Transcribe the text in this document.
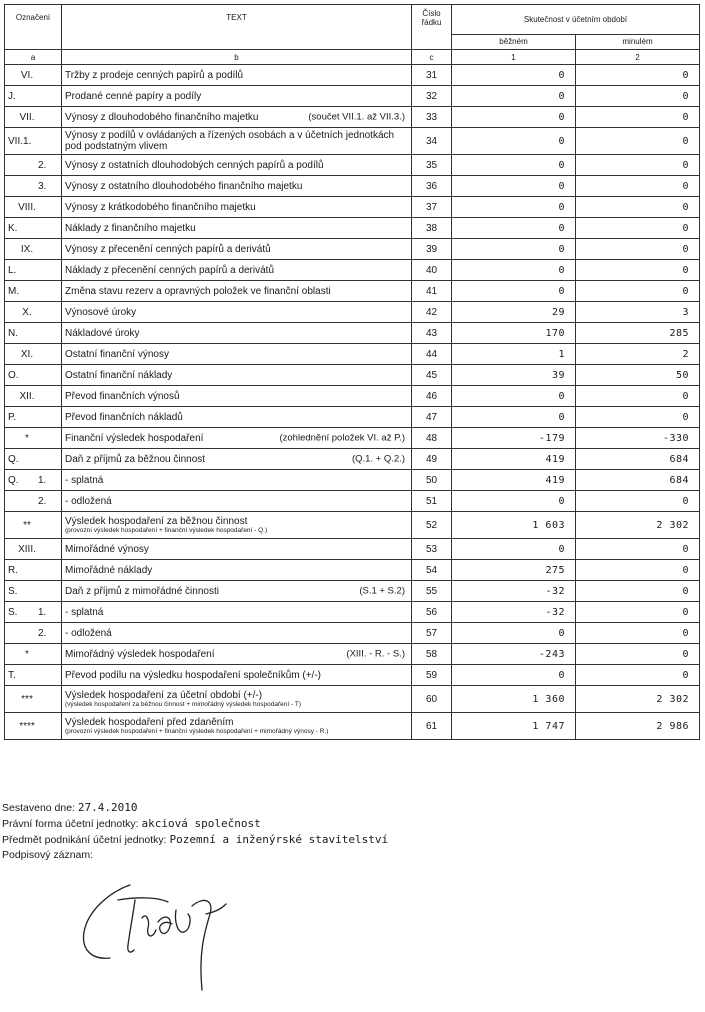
Označení	TEXT	Číslo řádku	Skutečnost v účetním období	
			běžném	minulém
a	b	c	1	2

VI.	Tržby z prodeje cenných papírů a podílů	31	0	0
J.	Prodané cenné papíry a podíly	32	0	0

VII.	Výnosy z dlouhodobého finančního majetku (součet VII.1. až VII.3.)	33	0	0
VII.1.	Výnosy z podílů v ovládaných a řízených osobách a v účetních jednotkách pod podstatným vlivem	34	0	0
2.	Výnosy z ostatních dlouhodobých cenných papírů a podílů	35	0	0
3.	Výnosy z ostatního dlouhodobého finančního majetku	36	0	0

VIII.	Výnosy z krátkodobého finančního majetku	37	0	0
K.	Náklady z finančního majetku	38	0	0

IX.	Výnosy z přecenění cenných papírů a derivátů	39	0	0
L.	Náklady z přecenění cenných papírů a derivátů	40	0	0
M.	Změna stavu rezerv a opravných položek ve finanční oblasti	41	0	0

X.	Výnosové úroky	42	29	3
N.	Nákladové úroky	43	170	285

XI.	Ostatní finanční výnosy	44	1	2
O.	Ostatní finanční náklady	45	39	50

XII.	Převod finančních výnosů	46	0	0
P.	Převod finančních nákladů	47	0	0

*	Finanční výsledek hospodaření (zohlednění položek VI. až P.)	48	-179	-330
Q.	Daň z příjmů za běžnou činnost (Q.1. + Q.2.)	49	419	684
Q. 1.	- splatná	50	419	684
2.	- odložená	51	0	0

**	Výsledek hospodaření za běžnou činnost
(provozní výsledek hospodaření + finanční výsledek hospodaření - Q.)	52	1 603	2 302

XIII.	Mimořádné výnosy	53	0	0
R.	Mimořádné náklady	54	275	0
S.	Daň z příjmů z mimořádné činnosti (S.1 + S.2)	55	-32	0
S. 1.	- splatná	56	-32	0
2.	- odložená	57	0	0

*	Mimořádný výsledek hospodaření (XIII. - R. - S.)	58	-243	0
T.	Převod podílu na výsledku hospodaření společníkům (+/-)	59	0	0

***	Výsledek hospodaření za účetní období (+/-)
(výsledek hospodaření za běžnou činnost + mimořádný výsledek hospodaření - T)	60	1 360	2 302

****	Výsledek hospodaření před zdaněním
(provozní výsledek hospodaření + finanční výsledek hospodaření + mimořádný výnosy - R.)	61	1 747	2 986
Sestaveno dne: 27.4.2010
Právní forma účetní jednotky: akciová společnost
Předmět podnikání účetní jednotky: Pozemní a inženýrské stavitelství
Podpisový záznam:
